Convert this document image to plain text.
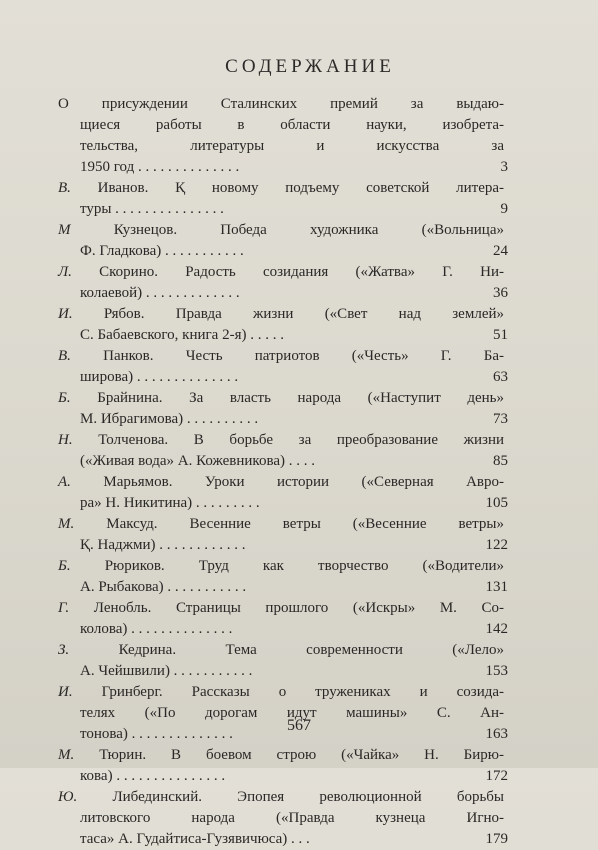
СОДЕРЖАНИЕ
О присуждении Сталинских премий за выдаю-
щиеся работы в области науки, изобрета-
тельства, литературы и искусства за
1950 год . . . . . . . . . . . . . .	3
В. Иванов. Қ новому подъему советской литера-
туры . . . . . . . . . . . . . . .	9
М	Кузнецов. Победа художника («Вольница»
Ф. Гладкова) . . . . . . . . . . .	24
Л. Скорино. Радость созидания («Жатва» Г. Ни-
колаевой) . . . . . . . . . . . . .	36
И. Рябов. Правда жизни («Свет над землей»
С. Бабаевского, книга 2-я) . . . . .	51
В. Панков. Честь патриотов («Честь» Г. Ба-
широва) . . . . . . . . . . . . . .	63
Б. Брайнина. За власть народа («Наступит день»
М. Ибрагимова) . . . . . . . . . .	73
Н. Толченова. В борьбе за преобразование жизни
(«Живая вода» А. Кожевникова) . . . .	85
А. Марьямов. Уроки истории («Северная Авро-
ра» Н. Никитина) . . . . . . . . .	105
М. Максуд. Весенние ветры («Весенние ветры»
Қ. Наджми) . . . . . . . . . . . .	122
Б. Рюриков. Труд как творчество («Водители»
А. Рыбакова) . . . . . . . . . . .	131
Г. Ленобль. Страницы прошлого («Искры» М. Со-
колова) . . . . . . . . . . . . . .	142
З.	Кедрина. Тема современности («Лело»
А. Чейшвили) . . . . . . . . . . .	153
И. Гринберг. Рассказы о тружениках и созида-
телях («По дорогам идут машины» С. Ан-
тонова) . . . . . . . . . . . . . .	163
М. Тюрин. В боевом строю («Чайка» Н. Бирю-
кова) . . . . . . . . . . . . . . .	172
Ю. Либединский. Эпопея революционной борьбы
литовского народа («Правда кузнеца Игно-
таса» А. Гудайтиса-Гузявичюса) . . .	179
567
